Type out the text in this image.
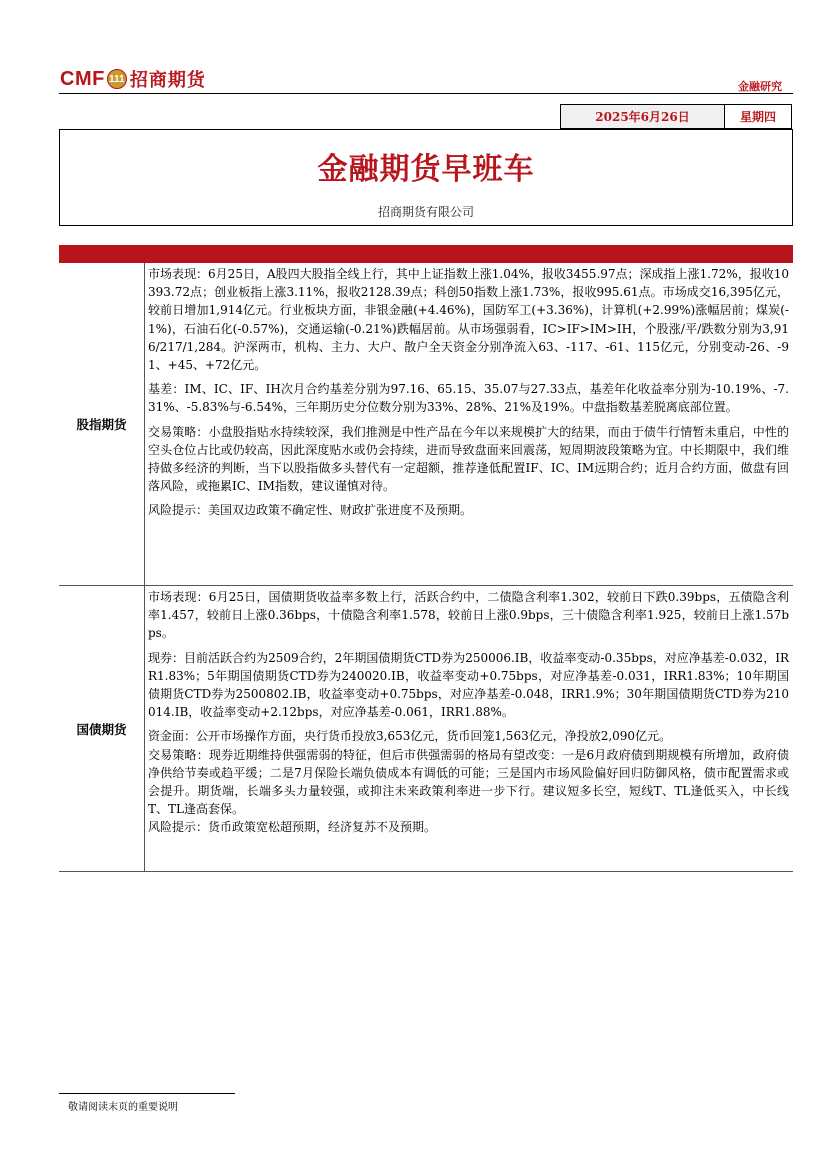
CMF 111 招商期货	金融研究
2025年6月26日	星期四
金融期货早班车
招商期货有限公司
股指期货

市场表现：6月25日，A股四大股指全线上行，其中上证指数上涨1.04%，报收3455.97点；深成指上涨1.72%，报收10393.72点；创业板指上涨3.11%，报收2128.39点；科创50指数上涨1.73%，报收995.61点。市场成交16,395亿元，较前日增加1,914亿元。行业板块方面，非银金融(+4.46%)，国防军工(+3.36%)，计算机(+2.99%)涨幅居前；煤炭(-1%)，石油石化(-0.57%)，交通运输(-0.21%)跌幅居前。从市场强弱看，IC>IF>IM>IH，个股涨/平/跌数分别为3,916/217/1,284。沪深两市，机构、主力、大户、散户全天资金分别净流入63、-117、-61、115亿元，分别变动-26、-91、+45、+72亿元。

基差：IM、IC、IF、IH次月合约基差分别为97.16、65.15、35.07与27.33点，基差年化收益率分别为-10.19%、-7.31%、-5.83%与-6.54%，三年期历史分位数分别为33%、28%、21%及19%。中盘指数基差脱离底部位置。

交易策略：小盘股指贴水持续较深，我们推测是中性产品在今年以来规模扩大的结果，而由于债牛行情暂未重启，中性的空头仓位占比或仍较高，因此深度贴水或仍会持续，进而导致盘面来回震荡，短周期波段策略为宜。中长期限中，我们维持做多经济的判断，当下以股指做多头替代有一定超额，推荐逢低配置IF、IC、IM远期合约；近月合约方面，做盘有回落风险，或拖累IC、IM指数，建议谨慎对待。

风险提示：美国双边政策不确定性、财政扩张进度不及预期。

国债期货

市场表现：6月25日，国债期货收益率多数上行，活跃合约中，二债隐含利率1.302，较前日下跌0.39bps，五债隐含利率1.457，较前日上涨0.36bps，十债隐含利率1.578，较前日上涨0.9bps，三十债隐含利率1.925，较前日上涨1.57bps。

现券：目前活跃合约为2509合约，2年期国债期货CTD券为250006.IB，收益率变动-0.35bps，对应净基差-0.032，IRR1.83%；5年期国债期货CTD券为240020.IB，收益率变动+0.75bps，对应净基差-0.031，IRR1.83%；10年期国债期货CTD券为2500802.IB，收益率变动+0.75bps，对应净基差-0.048，IRR1.9%；30年期国债期货CTD券为210014.IB，收益率变动+2.12bps，对应净基差-0.061，IRR1.88%。

资金面：公开市场操作方面，央行货币投放3,653亿元，货币回笼1,563亿元，净投放2,090亿元。

交易策略：现券近期维持供强需弱的特征，但后市供强需弱的格局有望改变：一是6月政府债到期规模有所增加，政府债净供给节奏或趋平缓；二是7月保险长端负债成本有调低的可能；三是国内市场风险偏好回归防御风格，债市配置需求或会提升。期货端，长端多头力量较强，或抑注未来政策利率进一步下行。建议短多长空，短线T、TL逢低买入，中长线T、TL逢高套保。

风险提示：货币政策宽松超预期，经济复苏不及预期。

敬请阅读末页的重要说明
